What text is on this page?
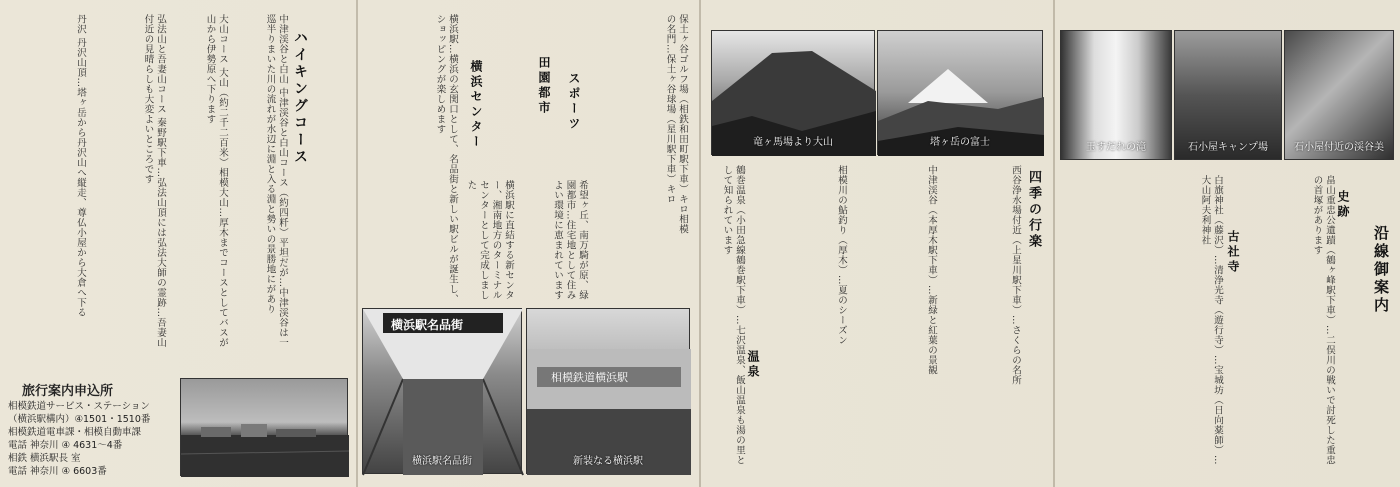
ハイキングコース
中津渓谷と白山 中津渓谷と白山コース（約四粁）平坦だが…中津渓谷は一巡半りまいた川の流れが水辺に淵と入る淵と勢いの景勝地にがあり
大山コース 大山（約二千二百米）相模大山…厚木までコースとしてバスが山から伊勢原へ下ります
弘法山と吾妻山コース 秦野駅下車…弘法山頂には弘法大師の霊跡…吾妻山付近の見晴らしも大変よいところです
丹沢 丹沢山頂…塔ヶ岳から丹沢山へ縦走、尊仏小屋から大倉へ下る
旅行案内申込所
相模鉄道サービス・ステーション
（横浜駅構内）④1501・1510番
相模鉄道電車課・相模自動車課
電話 神奈川 ④ 4631〜4番
相鉄 横浜駅長 室
電話 神奈川 ④ 6603番
横浜駅…横浜の玄関口として、名品街と新しい駅ビルが誕生し、ショッピングが楽しめます	スポーツ	保土ヶ谷ゴルフ場（相鉄和田町駅下車）キロ相模の名門…保土ヶ谷球場（星川駅下車）キロ
田園都市
希望ヶ丘、南万騎が原、緑園都市…住宅地として住みよい環境に恵まれています
横浜センター
横浜駅に直結する新センター、湘南地方のターミナルセンターとして完成しました
横浜駅名品街
横浜駅名品街
相模鉄道横浜駅
新装なる横浜駅
竜ヶ馬場より大山	塔ヶ岳の富士
四季の行楽
西谷浄水場付近（上星川駅下車）…さくらの名所
中津渓谷（本厚木駅下車）…新緑と紅葉の景観
相模川の鮎釣り（厚木）…夏のシーズン
温泉
鶴巻温泉（小田急線鶴巻駅下車）…七沢温泉、飯山温泉も湯の里として知られています
玉すだれの滝	石小屋キャンプ場	石小屋付近の渓谷美
沿線御案内
史跡
畠山重忠公遺蹟（鶴ヶ峰駅下車）…二俣川の戦いで討死した重忠の首塚があります
古社寺
白旗神社（藤沢）…清浄光寺（遊行寺）…宝城坊（日向薬師）…大山阿夫利神社
